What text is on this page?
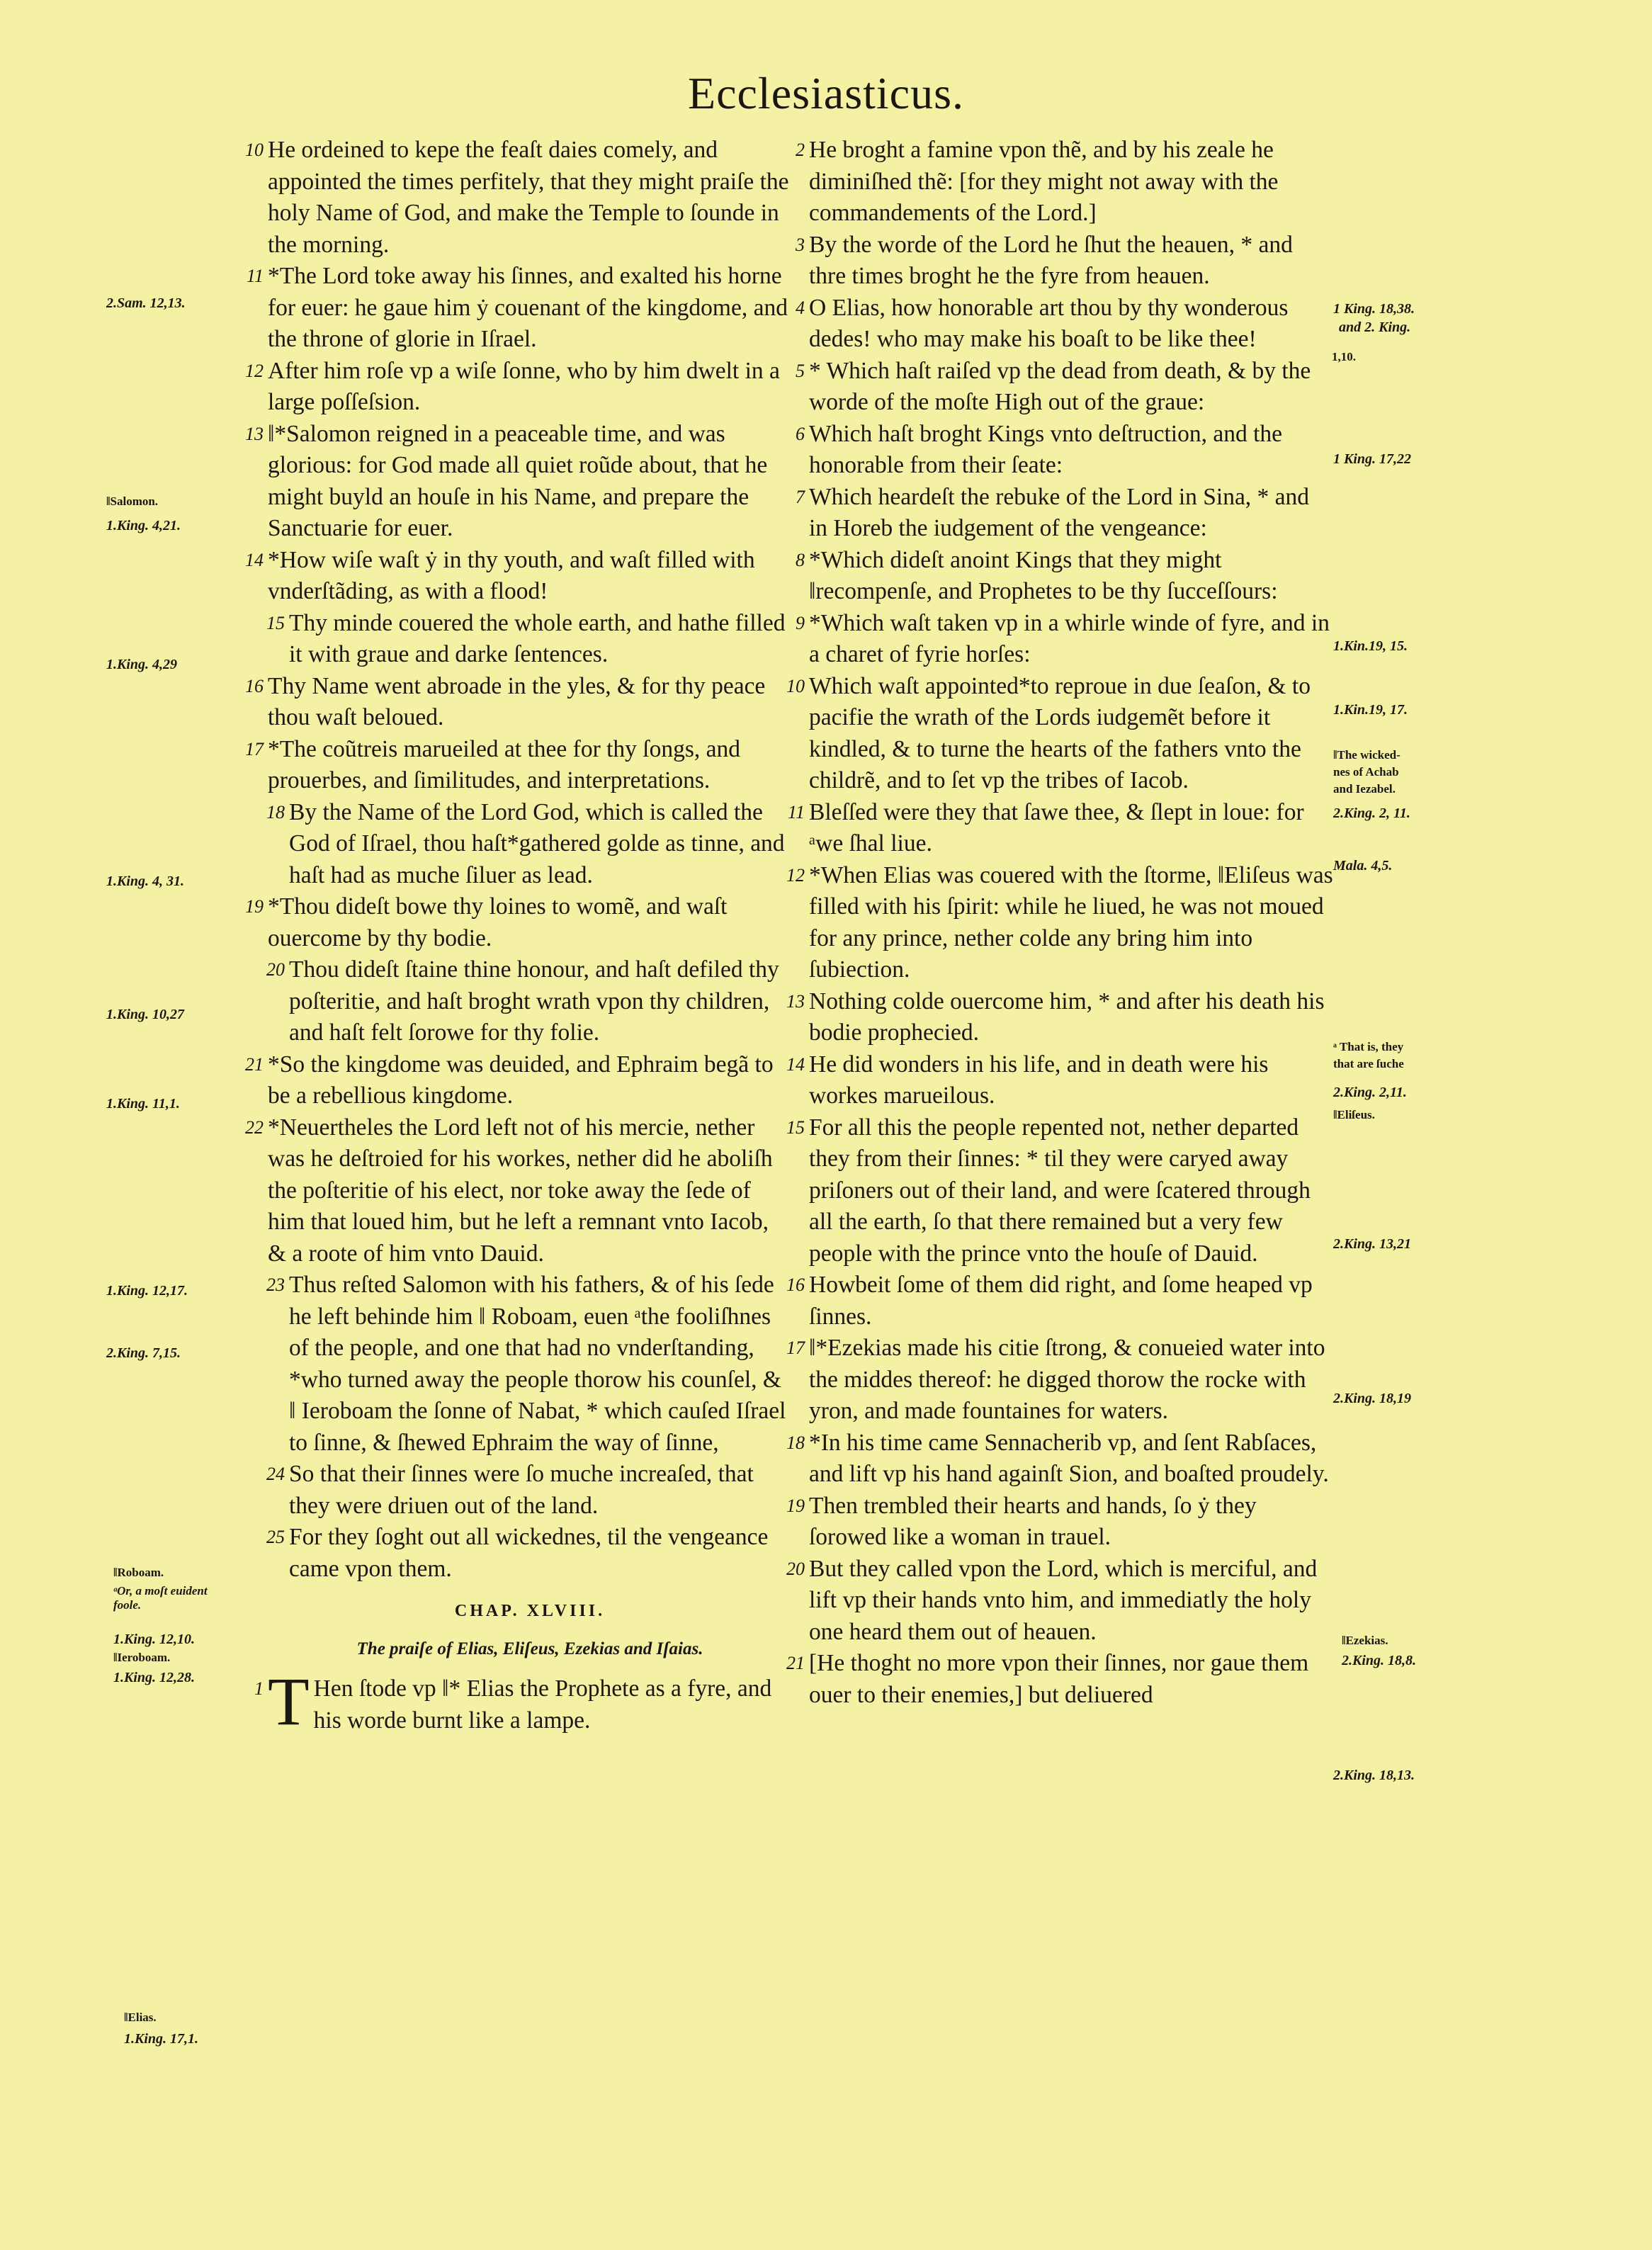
Ecclesiasticus.
10 He ordeined to kepe the feaſt daies comely, and appointed the times perfitely, that they might praiſe the holy Name of God, and make the Temple to ſounde in the morning.
11 *The Lord toke away his ſinnes, and exalted his horne for euer: he gaue him ẏ couenant of the kingdome, and the throne of glorie in Iſrael.
12 After him roſe vp a wiſe ſonne, who by him dwelt in a large poſſeſsion.
13 ‖*Salomon reigned in a peaceable time, and was glorious: for God made all quiet roũde about, that he might buyld an houſe in his Name, and prepare the Sanctuarie for euer.
14 *How wiſe waſt ẏ in thy youth, and waſt filled with vnderſtãding, as with a flood!
15 Thy minde couered the whole earth, and hathe filled it with graue and darke ſentences.
16 Thy Name went abroade in the yles, & for thy peace thou waſt beloued.
17 *The coũtreis marueiled at thee for thy ſongs, and prouerbes, and ſimilitudes, and interpretations.
18 By the Name of the Lord God, which is called the God of Iſrael, thou haſt*gathered golde as tinne, and haſt had as muche ſiluer as lead.
19 *Thou dideſt bowe thy loines to womẽ, and waſt ouercome by thy bodie.
20 Thou dideſt ſtaine thine honour, and haſt defiled thy poſteritie, and haſt broght wrath vpon thy children, and haſt felt ſorowe for thy folie.
21 *So the kingdome was deuided, and Ephraim begã to be a rebellious kingdome.
22 *Neuertheles the Lord left not of his mercie, nether was he deſtroied for his workes, nether did he aboliſh the poſteritie of his elect, nor toke away the ſede of him that loued him, but he left a remnant vnto Iacob, & a roote of him vnto Dauid.
23 Thus reſted Salomon with his fathers, & of his ſede he left behinde him ‖ Roboam, euen ᵃthe fooliſhnes of the people, and one that had no vnderſtanding, *who turned away the people thorow his counſel, & ‖ Ieroboam the ſonne of Nabat, * which cauſed Iſrael to ſinne, & ſhewed Ephraim the way of ſinne,
24 So that their ſinnes were ſo muche increaſed, that they were driuen out of the land.
25 For they ſoght out all wickednes, til the vengeance came vpon them.
CHAP. XLVIII.
The praiſe of Elias, Eliſeus, Ezekias and Iſaias.
1 T Hen ſtode vp ‖* Elias the Prophete as a fyre, and his worde burnt like a lampe.
2 He broght a famine vpon thẽ, and by his zeale he diminiſhed thẽ: [for they might not away with the commandements of the Lord.]
3 By the worde of the Lord he ſhut the heauen, * and thre times broght he the fyre from heauen.
4 O Elias, how honorable art thou by thy wonderous dedes! who may make his boaſt to be like thee!
5 * Which haſt raiſed vp the dead from death, & by the worde of the moſte High out of the graue:
6 Which haſt broght Kings vnto deſtruction, and the honorable from their ſeate:
7 Which heardeſt the rebuke of the Lord in Sina, * and in Horeb the iudgement of the vengeance:
8 *Which dideſt anoint Kings that they might ‖recompenſe, and Prophetes to be thy ſucceſſours:
9 *Which waſt taken vp in a whirle winde of fyre, and in a charet of fyrie horſes:
10 Which waſt appointed*to reproue in due ſeaſon, & to pacifie the wrath of the Lords iudgemẽt before it kindled, & to turne the hearts of the fathers vnto the childrẽ, and to ſet vp the tribes of Iacob.
11 Bleſſed were they that ſawe thee, & ſlept in loue: for ᵃwe ſhal liue.
12 *When Elias was couered with the ſtorme, ‖Eliſeus was filled with his ſpirit: while he liued, he was not moued for any prince, nether colde any bring him into ſubiection.
13 Nothing colde ouercome him, * and after his death his bodie prophecied.
14 He did wonders in his life, and in death were his workes marueilous.
15 For all this the people repented not, nether departed they from their ſinnes: * til they were caryed away priſoners out of their land, and were ſcatered through all the earth, ſo that there remained but a very few people with the prince vnto the houſe of Dauid.
16 Howbeit ſome of them did right, and ſome heaped vp ſinnes.
17 ‖*Ezekias made his citie ſtrong, & conueied water into the middes thereof: he digged thorow the rocke with yron, and made fountaines for waters.
18 *In his time came Sennacherib vp, and ſent Rabſaces, and lift vp his hand againſt Sion, and boaſted proudely.
19 Then trembled their hearts and hands, ſo ẏ they ſorowed like a woman in trauel.
20 But they called vpon the Lord, which is merciful, and lift vp their hands vnto him, and immediatly the holy one heard them out of heauen.
21 [He thoght no more vpon their ſinnes, nor gaue them ouer to their enemies,] but deliuered
2.Sam. 12,13.
‖Salomon.
1.King. 4,21.
1.King. 4,29
1.King. 4, 31.
1.King. 10,27
1.King. 11,1.
1.King. 12,17.
2.King. 7,15.
‖Roboam.
ᵃOr, a moſt euident foole.
1.King. 12,10.
‖Ieroboam.
1.King. 12,28.
‖Elias.
1.King. 17,1.
1 King. 18,38.
and 2. King.
1,10.
1 King. 17,22
1.Kin.19, 15.
1.Kin.19, 17.
‖The wicked-
nes of Achab
and Iezabel.
2.King. 2, 11.
Mala. 4,5.
ᵃ That is, they
that are ſuche
2.King. 2,11.
‖Eliſeus.
2.King. 13,21
2.King. 18,19
‖Ezekias.
2.King. 18,8.
2.King. 18,13.
